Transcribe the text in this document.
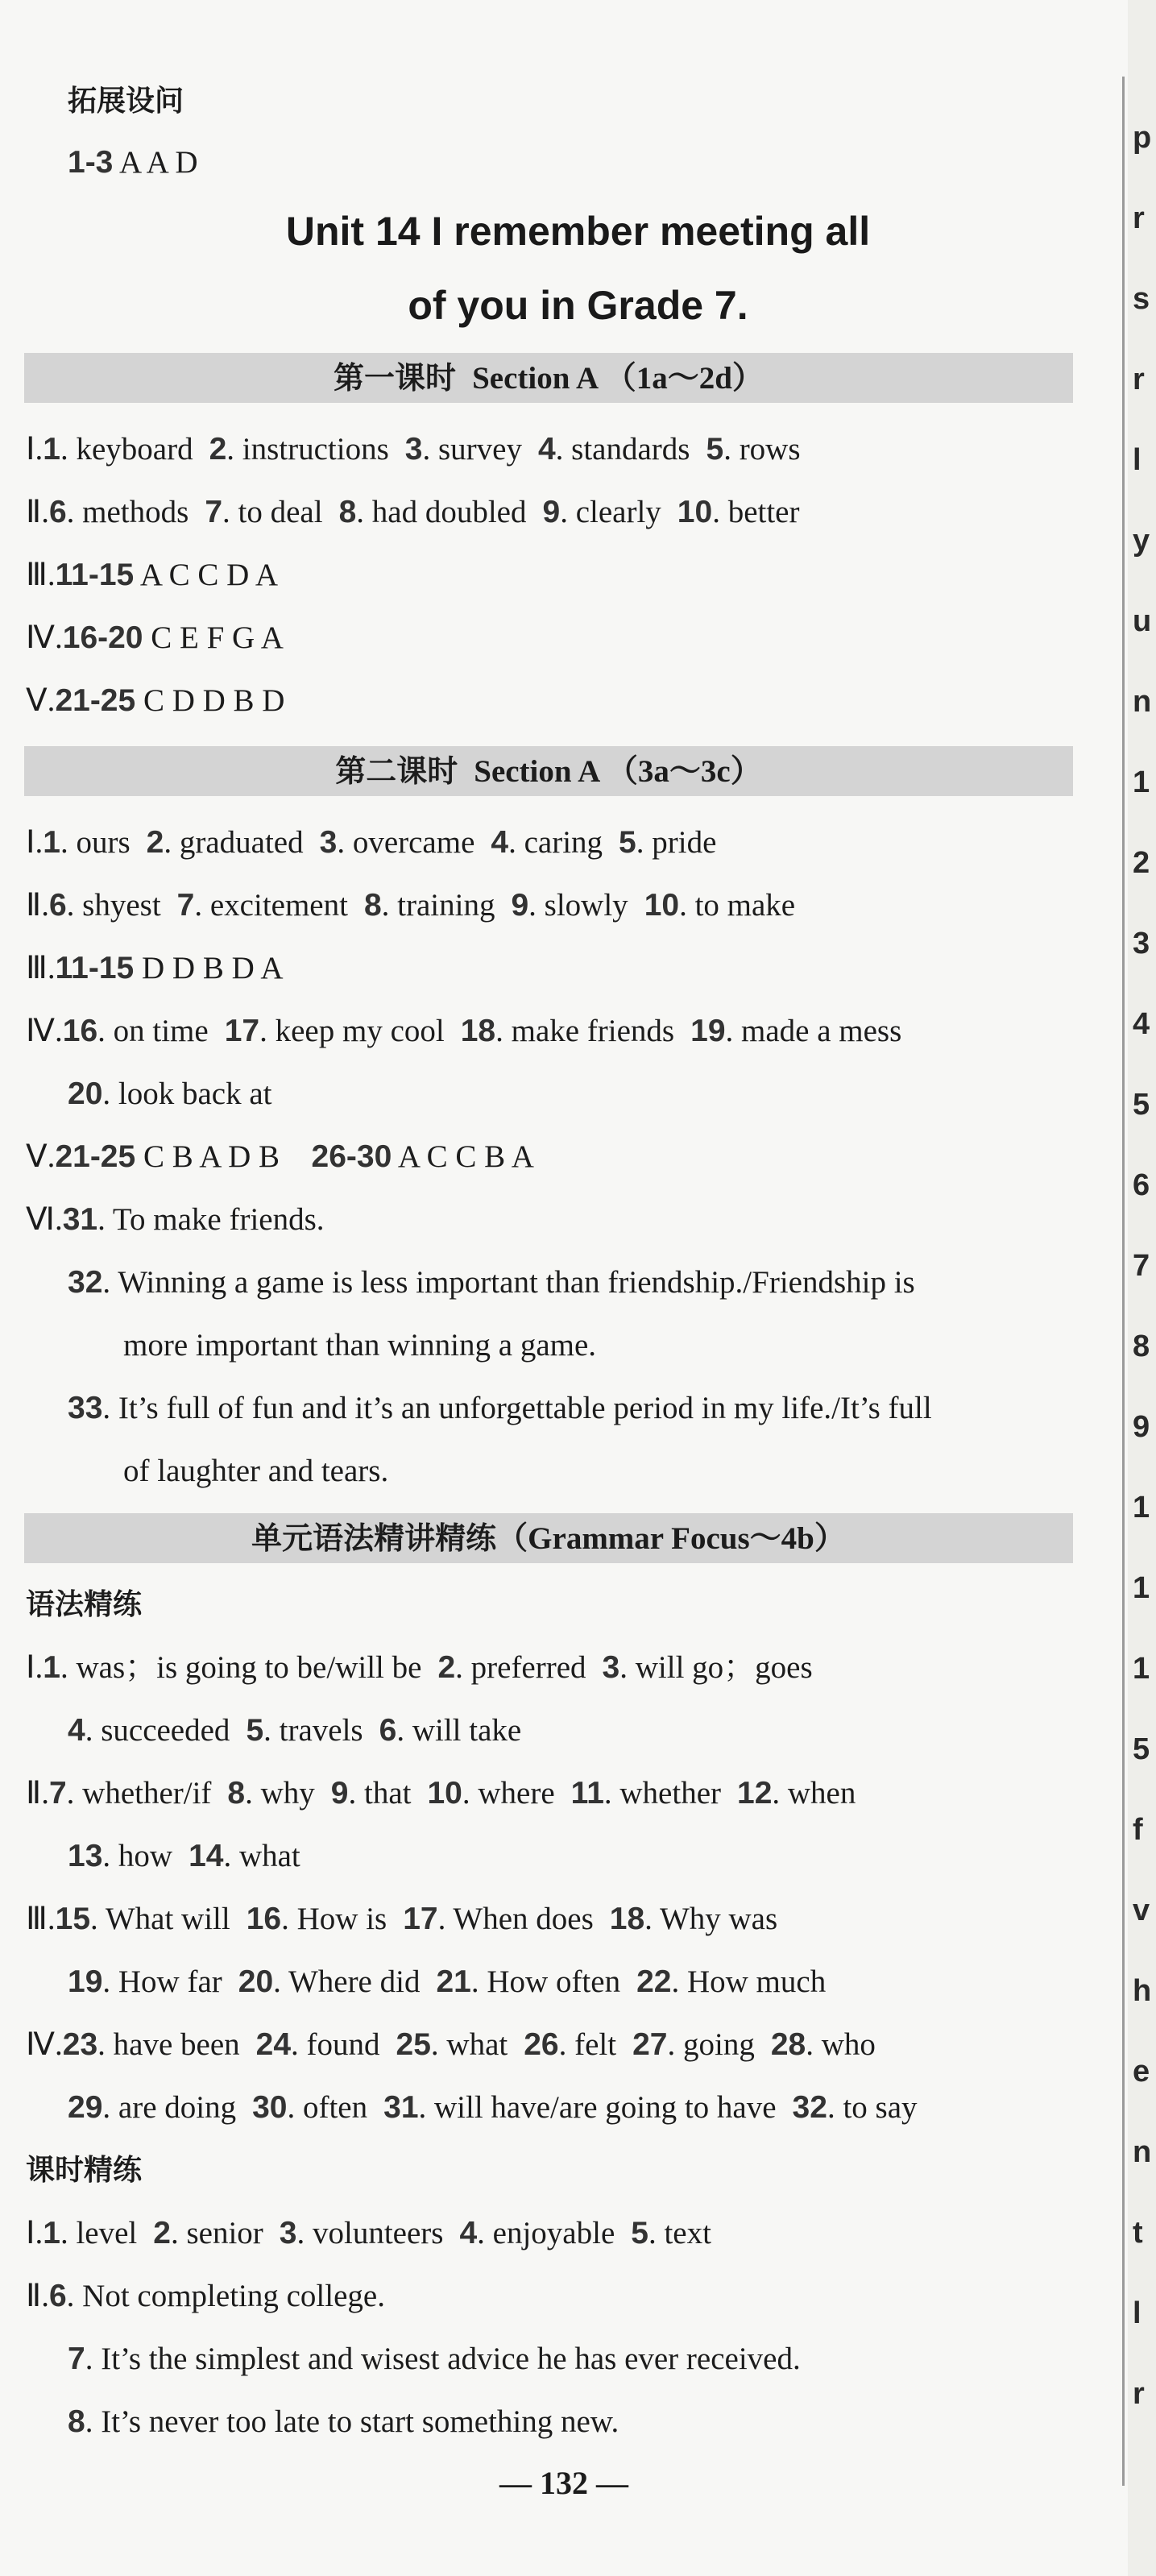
拓展设问
1-3 A A D
Unit 14 I remember meeting all
of you in Grade 7.
第一课时 Section A （1a～2d）
Ⅰ.1. keyboard 2. instructions 3. survey 4. standards 5. rows
Ⅱ.6. methods 7. to deal 8. had doubled 9. clearly 10. better
Ⅲ.11-15 A C C D A
Ⅳ.16-20 C E F G A
Ⅴ.21-25 C D D B D
第二课时 Section A （3a～3c）
Ⅰ.1. ours 2. graduated 3. overcame 4. caring 5. pride
Ⅱ.6. shyest 7. excitement 8. training 9. slowly 10. to make
Ⅲ.11-15 D D B D A
Ⅳ.16. on time 17. keep my cool 18. make friends 19. made a mess
20. look back at
Ⅴ.21-25 C B A D B 26-30 A C C B A
Ⅵ.31. To make friends.
32. Winning a game is less important than friendship./Friendship is
more important than winning a game.
33. It’s full of fun and it’s an unforgettable period in my life./It’s full
of laughter and tears.
单元语法精讲精练（Grammar Focus～4b）
语法精练
Ⅰ.1. was；is going to be/will be 2. preferred 3. will go；goes
4. succeeded 5. travels 6. will take
Ⅱ.7. whether/if 8. why 9. that 10. where 11. whether 12. when
13. how 14. what
Ⅲ.15. What will 16. How is 17. When does 18. Why was
19. How far 20. Where did 21. How often 22. How much
Ⅳ.23. have been 24. found 25. what 26. felt 27. going 28. who
29. are doing 30. often 31. will have/are going to have 32. to say
课时精练
Ⅰ.1. level 2. senior 3. volunteers 4. enjoyable 5. text
Ⅱ.6. Not completing college.
7. It’s the simplest and wisest advice he has ever received.
8. It’s never too late to start something new.
— 132 —
p
r
s
r
l
y
u
n
1
2
3
4
5
6
7
8
9
1
1
1
5
f
v
h
e
n
t
l
r
